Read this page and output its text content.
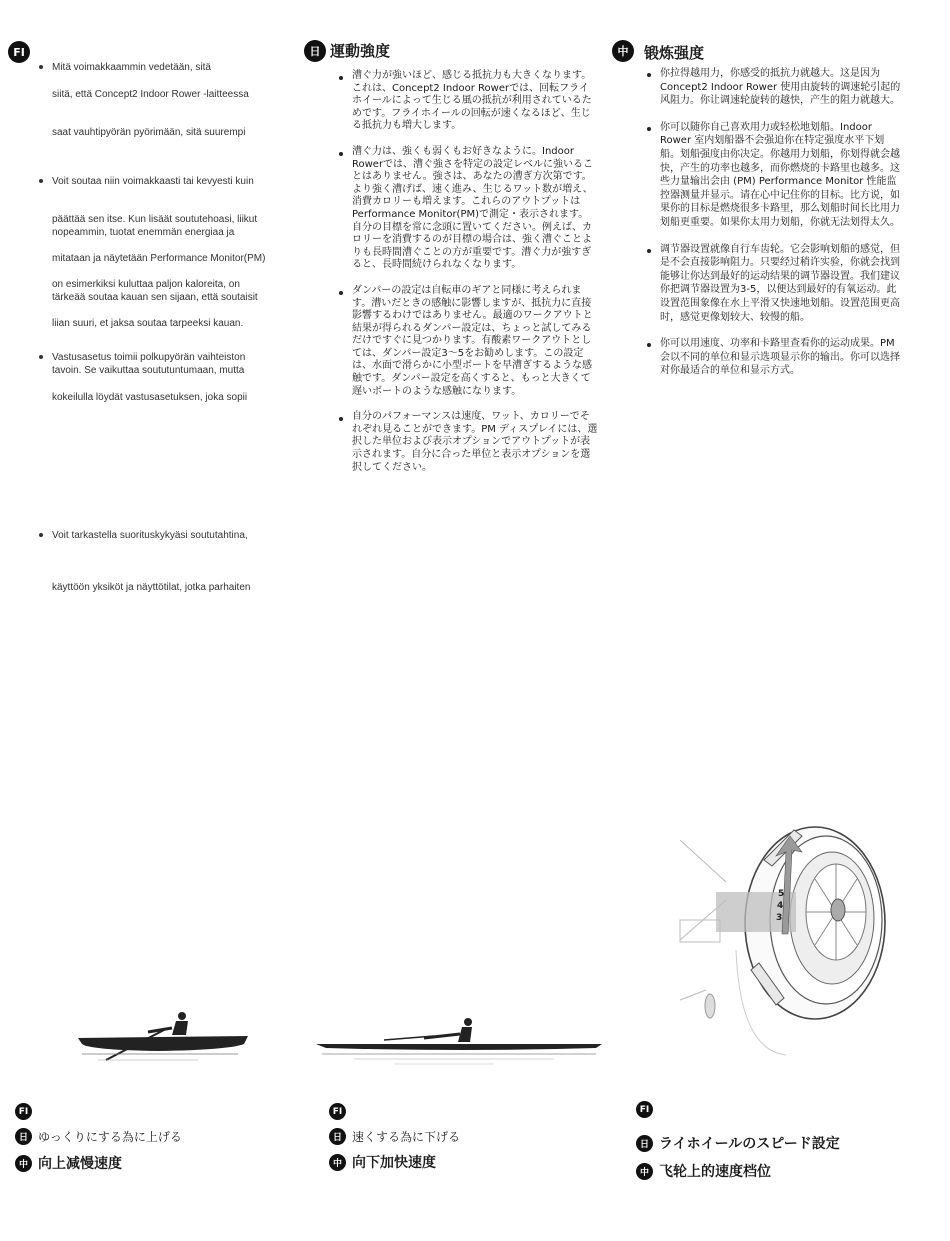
FI
Mitä voimakkaammin vedetään, sitä
siitä, että Concept2 Indoor Rower -laitteessa
saat vauhtipyörän pyörimään, sitä suurempi
Voit soutaa niin voimakkaasti tai kevyesti kuin
päättää sen itse. Kun lisäät soututehoasi, liikut
nopeammin, tuotat enemmän energiaa ja
mitataan ja näytetään Performance Monitor(PM)
on esimerkiksi kuluttaa paljon kaloreita, on
tärkeää soutaa kauan sen sijaan, että soutaisit
liian suuri, et jaksa soutaa tarpeeksi kauan.
Vastusasetus toimii polkupyörän vaihteiston
tavoin. Se vaikuttaa soututuntumaan, mutta
kokeilulla löydät vastusasetuksen, joka sopii
Voit tarkastella suorituskykyäsi soututahtina,
käyttöön yksiköt ja näyttötilat, jotka parhaiten
日 運動強度
漕ぐ力が強いほど、感じる抵抗力も大きくなります。これは、Concept2 Indoor Rowerでは、回転フライホイールによって生じる風の抵抗が利用されているためです。フライホイールの回転が速くなるほど、生じる抵抗力も増大します。
漕ぐ力は、強くも弱くもお好きなように。Indoor Rowerでは、漕ぐ強さを特定の設定レベルに強いることはありません。強さは、あなたの漕ぎ方次第です。より強く漕げば、速く進み、生じるワット数が増え、消費カロリーも増えます。これらのアウトプットは Performance Monitor(PM)で測定・表示されます。自分の目標を常に念頭に置いてください。例えば、カロリーを消費するのが目標の場合は、強く漕ぐことよりも長時間漕ぐことの方が重要です。漕ぐ力が強すぎると、長時間続けられなくなります。
ダンパーの設定は自転車のギアと同様に考えられます。漕いだときの感触に影響しますが、抵抗力に直接影響するわけではありません。最適のワークアウトと結果が得られるダンパー設定は、ちょっと試してみるだけですぐに見つかります。有酸素ワークアウトとしては、ダンパー設定3〜5をお勧めします。この設定は、水面で滑らかに小型ボートを早漕ぎするような感触です。ダンパー設定を高くすると、もっと大きくて遅いボートのような感触になります。
自分のパフォーマンスは速度、ワット、カロリーでそれぞれ見ることができます。PM ディスプレイには、選択した単位および表示オプションでアウトプットが表示されます。自分に合った単位と表示オプションを選択してください。
中	锻炼强度
你拉得越用力，你感受的抵抗力就越大。这是因为Concept2 Indoor Rower 使用由旋转的调速轮引起的风阻力。你让调速轮旋转的越快，产生的阻力就越大。
你可以随你自己喜欢用力或轻松地划船。Indoor Rower 室内划船器不会强迫你在特定强度水平下划船。划船强度由你决定。你越用力划船，你划得就会越快，产生的功率也越多，而你燃烧的卡路里也越多。这些力量输出会由 (PM) Performance Monitor 性能监控器测量并显示。请在心中记住你的目标。比方说，如果你的目标是燃烧很多卡路里，那么划船时间长比用力划船更重要。如果你太用力划船，你就无法划得太久。
调节器设置就像自行车齿轮。它会影响划船的感觉，但是不会直接影响阻力。只要经过稍许实验，你就会找到能够让你达到最好的运动结果的调节器设置。我们建议你把调节器设置为3-5，以便达到最好的有氧运动。此设置范围象像在水上平滑又快速地划船。设置范围更高时，感觉更像划较大、较慢的船。
你可以用速度、功率和卡路里查看你的运动成果。PM 会以不同的单位和显示选项显示你的输出。你可以选择对你最适合的单位和显示方式。
5
4
3
FI
日 ゆっくりにする為に上げる
中 向上减慢速度
FI
日 速くする為に下げる
中 向下加快速度
FI
日 ライホイールのスピード設定
中 飞轮上的速度档位
